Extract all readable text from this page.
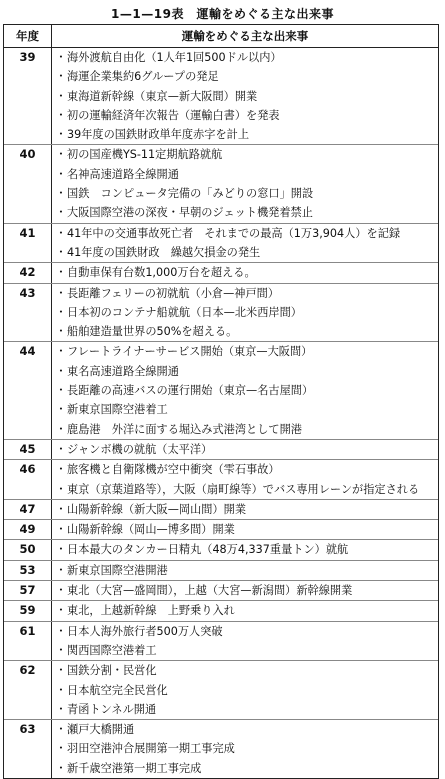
1—1—19表　運輸をめぐる主な出来事
年度	運輸をめぐる主な出来事
39	・海外渡航自由化（1人年1回500ドル以内）
・海運企業集約6グループの発足
・東海道新幹線（東京—新大阪間）開業
・初の運輸経済年次報告（運輸白書）を発表
・39年度の国鉄財政単年度赤字を計上
40	・初の国産機YS-11定期航路就航
・名神高速道路全線開通
・国鉄　コンピュータ完備の「みどりの窓口」開設
・大阪国際空港の深夜・早朝のジェット機発着禁止
41	・41年中の交通事故死亡者　それまでの最高（1万3,904人）を記録
・41年度の国鉄財政　繰越欠損金の発生
42	・自動車保有台数1,000万台を超える。
43	・長距離フェリーの初就航（小倉—神戸間）
・日本初のコンテナ船就航（日本—北米西岸間）
・船舶建造量世界の50%を超える。
44	・フレートライナーサービス開始（東京—大阪間）
・東名高速道路全線開通
・長距離の高速バスの運行開始（東京—名古屋間）
・新東京国際空港着工
・鹿島港　外洋に面する堀込み式港湾として開港
45	・ジャンボ機の就航（太平洋）
46	・旅客機と自衛隊機が空中衝突（雫石事故）
・東京（京葉道路等），大阪（扇町線等）でバス専用レーンが指定される
47	・山陽新幹線（新大阪—岡山間）開業
49	・山陽新幹線（岡山—博多間）開業
50	・日本最大のタンカー日精丸（48万4,337重量トン）就航
53	・新東京国際空港開港
57	・東北（大宮—盛岡間），上越（大宮—新潟間）新幹線開業
59	・東北，上越新幹線　上野乗り入れ
61	・日本人海外旅行者500万人突破
・関西国際空港着工
62	・国鉄分割・民営化
・日本航空完全民営化
・青函トンネル開通
63	・瀬戸大橋開通
・羽田空港沖合展開第一期工事完成
・新千歳空港第一期工事完成
